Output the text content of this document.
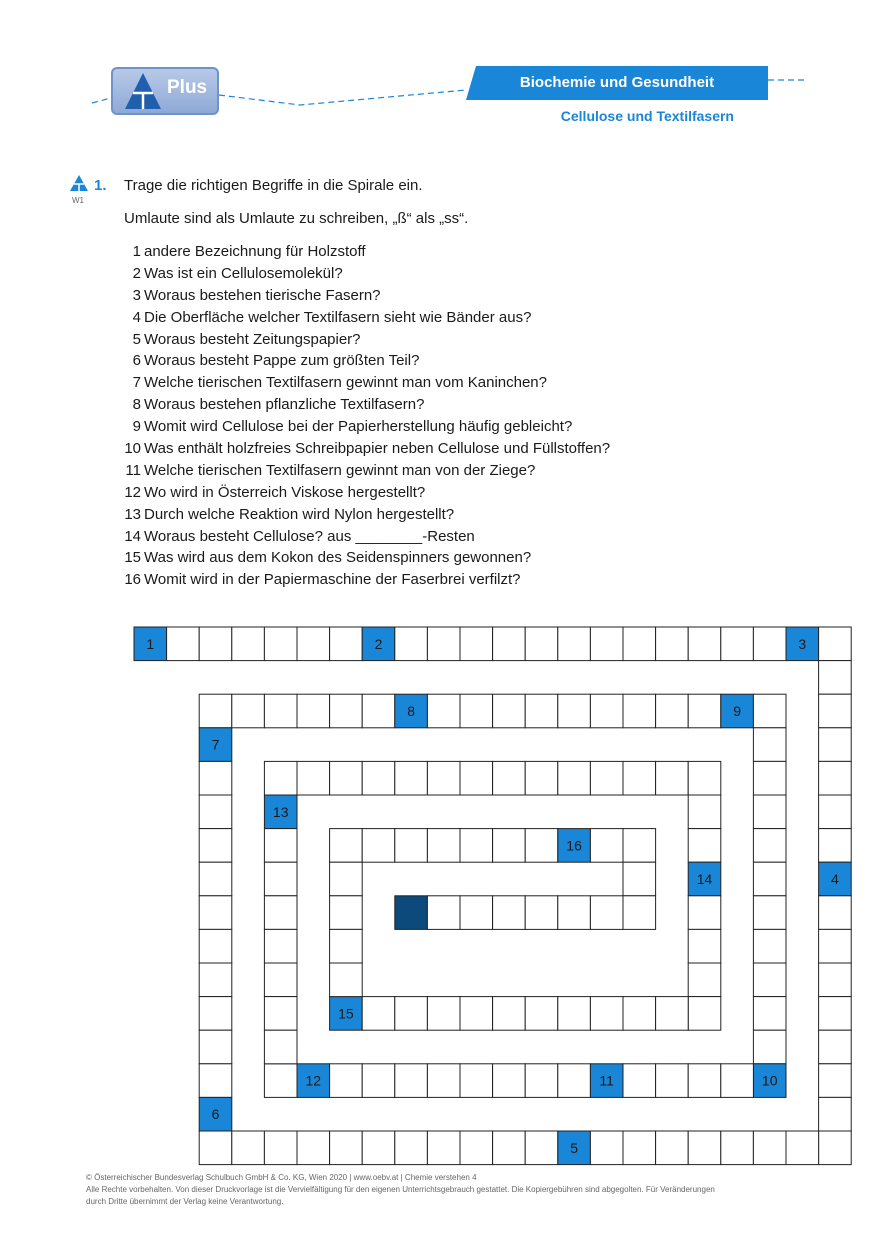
Plus	Biochemie und Gesundheit
Cellulose und Textilfasern
W1
1. Trage die richtigen Begriffe in die Spirale ein.
Umlaute sind als Umlaute zu schreiben, „ß“ als „ss“.
1 andere Bezeichnung für Holzstoff
2 Was ist ein Cellulosemolekül?
3 Woraus bestehen tierische Fasern?
4 Die Oberfläche welcher Textilfasern sieht wie Bänder aus?
5 Woraus besteht Zeitungspapier?
6 Woraus besteht Pappe zum größten Teil?
7 Welche tierischen Textilfasern gewinnt man vom Kaninchen?
8 Woraus bestehen pflanzliche Textilfasern?
9 Womit wird Cellulose bei der Papierherstellung häufig gebleicht?
10 Was enthält holzfreies Schreibpapier neben Cellulose und Füllstoffen?
11 Welche tierischen Textilfasern gewinnt man von der Ziege?
12 Wo wird in Österreich Viskose hergestellt?
13 Durch welche Reaktion wird Nylon hergestellt?
14 Woraus besteht Cellulose? aus ________-Resten
15 Was wird aus dem Kokon des Seidenspinners gewonnen?
16 Womit wird in der Papiermaschine der Faserbrei verfilzt?
1	2	3
4
5
7
6
8	9
10
12	11
13
14
15
16
© Österreichischer Bundesverlag Schulbuch GmbH & Co. KG, Wien 2020 | www.oebv.at | Chemie verstehen 4
Alle Rechte vorbehalten. Von dieser Druckvorlage ist die Vervielfältigung für den eigenen Unterrichtsgebrauch gestattet. Die Kopiergebühren sind abgegolten. Für Veränderungen
durch Dritte übernimmt der Verlag keine Verantwortung.
